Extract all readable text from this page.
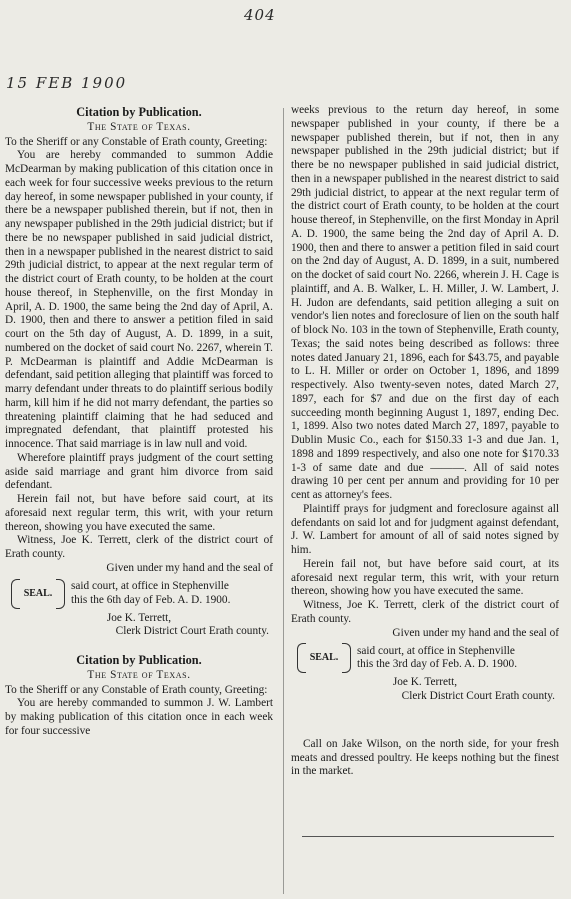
404
15 FEB 1900
Citation by Publication.
The State of Texas.

To the Sheriff or any Constable of Erath county, Greeting:

You are hereby commanded to summon Addie McDearman by making publication of this citation once in each week for four successive weeks previous to the return day hereof, in some newspaper published in your county, if there be a newspaper published therein, but if not, then in any newspaper published in the 29th judicial district; but if there be no newspaper published in said judicial district, then in a newspaper published in the nearest district to said 29th judicial district, to appear at the next regular term of the district court of Erath county, to be holden at the court house thereof, in Stephenville, on the first Monday in April, A. D. 1900, the same being the 2nd day of April, A. D. 1900, then and there to answer a petition filed in said court on the 5th day of August, A. D. 1899, in a suit, numbered on the docket of said court No. 2267, wherein T. P. McDearman is plaintiff and Addie McDearman is defendant, said petition alleging that plaintiff was forced to marry defendant under threats to do plaintiff serious bodily harm, kill him if he did not marry defendant, the parties so threatening plaintiff claiming that he had seduced and impregnated defendant, that plaintiff protested his innocence. That said marriage is in law null and void.

Wherefore plaintiff prays judgment of the court setting aside said marriage and grant him divorce from said defendant.

Herein fail not, but have before said court, at its aforesaid next regular term, this writ, with your return thereon, showing you have executed the same.

Witness, Joe K. Terrett, clerk of the district court of Erath county.

Given under my hand and the seal of

SEAL.
said court, at office in Stephenville
this the 6th day of Feb. A. D. 1900.

Joe K. Terrett,

Clerk District Court Erath county.

Citation by Publication.
The State of Texas.

To the Sheriff or any Constable of Erath county, Greeting:

You are hereby commanded to summon J. W. Lambert by making publication of this citation once in each week for four successive

weeks previous to the return day hereof, in some newspaper published in your county, if there be a newspaper published therein, but if not, then in any newspaper published in the 29th judicial district; but if there be no newspaper published in said judicial district, then in a newspaper published in the nearest district to said 29th judicial district, to appear at the next regular term of the district court of Erath county, to be holden at the court house thereof, in Stephenville, on the first Monday in April A. D. 1900, the same being the 2nd day of April A. D. 1900, then and there to answer a petition filed in said court on the 2nd day of August, A. D. 1899, in a suit, numbered on the docket of said court No. 2266, wherein J. H. Cage is plaintiff, and A. B. Walker, L. H. Miller, J. W. Lambert, J. H. Judon are defendants, said petition alleging a suit on vendor's lien notes and foreclosure of lien on the south half of block No. 103 in the town of Stephenville, Erath county, Texas; the said notes being described as follows: three notes dated January 21, 1896, each for $43.75, and payable to L. H. Miller or order on October 1, 1896, and 1899 respectively. Also twenty-seven notes, dated March 27, 1897, each for $7 and due on the first day of each succeeding month beginning August 1, 1897, ending Dec. 1, 1899. Also two notes dated March 27, 1897, payable to Dublin Music Co., each for $150.33 1-3 and due Jan. 1, 1898 and 1899 respectively, and also one note for $170.33 1-3 of same date and due ———. All of said notes drawing 10 per cent per annum and providing for 10 per cent as attorney's fees.

Plaintiff prays for judgment and foreclosure against all defendants on said lot and for judgment against defendant, J. W. Lambert for amount of all of said notes signed by him.

Herein fail not, but have before said court, at its aforesaid next regular term, this writ, with your return thereon, showing how you have executed the same.

Witness, Joe K. Terrett, clerk of the district court of Erath county.

Given under my hand and the seal of

SEAL.
said court, at office in Stephenville
this the 3rd day of Feb. A. D. 1900.

Joe K. Terrett,

Clerk District Court Erath county.

Call on Jake Wilson, on the north side, for your fresh meats and dressed poultry. He keeps nothing but the finest in the market.
